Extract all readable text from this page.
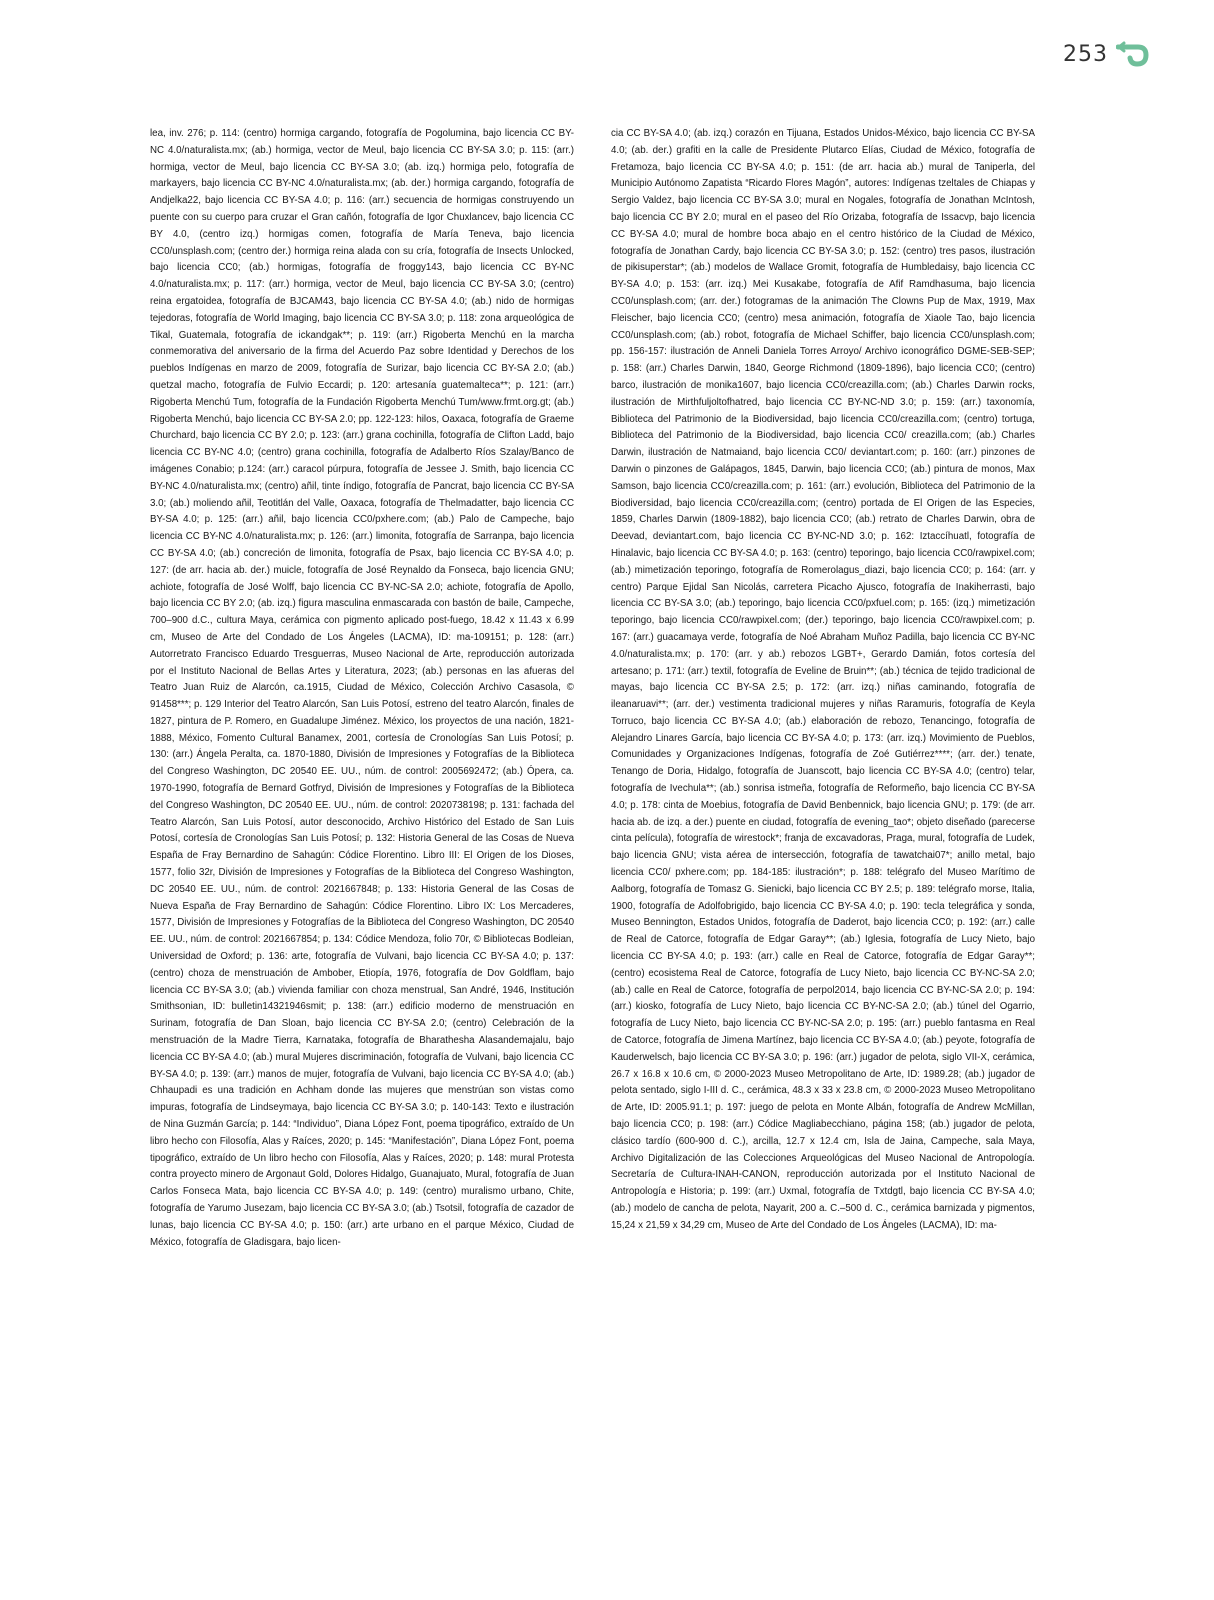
253

lea, inv. 276; p. 114: (centro) hormiga cargando, fotografía de Pogolumina, bajo licencia CC BY-NC 4.0/naturalista.mx; (ab.) hormiga, vector de Meul, bajo licencia CC BY-SA 3.0; p. 115: (arr.) hormiga, vector de Meul, bajo licencia CC BY-SA 3.0; (ab. izq.) hormiga pelo, fotografía de markayers, bajo licencia CC BY-NC 4.0/naturalista.mx; (ab. der.) hormiga cargando, fotografía de Andjelka22, bajo licencia CC BY-SA 4.0; p. 116: (arr.) secuencia de hormigas construyendo un puente con su cuerpo para cruzar el Gran cañón, fotografía de Igor Chuxlancev, bajo licencia CC BY 4.0, (centro izq.) hormigas comen, fotografía de María Teneva, bajo licencia CC0/unsplash.com; (centro der.) hormiga reina alada con su cría, fotografía de Insects Unlocked, bajo licencia CC0; (ab.) hormigas, fotografía de froggy143, bajo licencia CC BY-NC 4.0/naturalista.mx; p. 117: (arr.) hormiga, vector de Meul, bajo licencia CC BY-SA 3.0; (centro) reina ergatoidea, fotografía de BJCAM43, bajo licencia CC BY-SA 4.0; (ab.) nido de hormigas tejedoras, fotografía de World Imaging, bajo licencia CC BY-SA 3.0; p. 118: zona arqueológica de Tikal, Guatemala, fotografía de ickandgak**; p. 119: (arr.) Rigoberta Menchú en la marcha conmemorativa del aniversario de la firma del Acuerdo Paz sobre Identidad y Derechos de los pueblos Indígenas en marzo de 2009, fotografía de Surizar, bajo licencia CC BY-SA 2.0; (ab.) quetzal macho, fotografía de Fulvio Eccardi; p. 120: artesanía guatemalteca**; p. 121: (arr.) Rigoberta Menchú Tum, fotografía de la Fundación Rigoberta Menchú Tum/www.frmt.org.gt; (ab.) Rigoberta Menchú, bajo licencia CC BY-SA 2.0; pp. 122-123: hilos, Oaxaca, fotografía de Graeme Churchard, bajo licencia CC BY 2.0; p. 123: (arr.) grana cochinilla, fotografía de Clifton Ladd, bajo licencia CC BY-NC 4.0; (centro) grana cochinilla, fotografía de Adalberto Ríos Szalay/Banco de imágenes Conabio; p.124: (arr.) caracol púrpura, fotografía de Jessee J. Smith, bajo licencia CC BY-NC 4.0/naturalista.mx; (centro) añil, tinte índigo, fotografía de Pancrat, bajo licencia CC BY-SA 3.0; (ab.) moliendo añil, Teotitlán del Valle, Oaxaca, fotografía de Thelmadatter, bajo licencia CC BY-SA 4.0; p. 125: (arr.) añil, bajo licencia CC0/pxhere.com; (ab.) Palo de Campeche, bajo licencia CC BY-NC 4.0/naturalista.mx; p. 126: (arr.) limonita, fotografía de Sarranpa, bajo licencia CC BY-SA 4.0; (ab.) concreción de limonita, fotografía de Psax, bajo licencia CC BY-SA 4.0; p. 127: (de arr. hacia ab. der.) muicle, fotografía de José Reynaldo da Fonseca, bajo licencia GNU; achiote, fotografía de José Wolff, bajo licencia CC BY-NC-SA 2.0; achiote, fotografía de Apollo, bajo licencia CC BY 2.0; (ab. izq.) figura masculina enmascarada con bastón de baile, Campeche, 700–900 d.C., cultura Maya, cerámica con pigmento aplicado post-fuego, 18.42 x 11.43 x 6.99 cm, Museo de Arte del Condado de Los Ángeles (LACMA), ID: ma-109151; p. 128: (arr.) Autorretrato Francisco Eduardo Tresguerras, Museo Nacional de Arte, reproducción autorizada por el Instituto Nacional de Bellas Artes y Literatura, 2023; (ab.) personas en las afueras del Teatro Juan Ruiz de Alarcón, ca.1915, Ciudad de México, Colección Archivo Casasola, © 91458***; p. 129 Interior del Teatro Alarcón, San Luis Potosí, estreno del teatro Alarcón, finales de 1827, pintura de P. Romero, en Guadalupe Jiménez. México, los proyectos de una nación, 1821-1888, México, Fomento Cultural Banamex, 2001, cortesía de Cronologías San Luis Potosí; p. 130: (arr.) Ángela Peralta, ca. 1870-1880, División de Impresiones y Fotografías de la Biblioteca del Congreso Washington, DC 20540 EE. UU., núm. de control: 2005692472; (ab.) Ópera, ca. 1970-1990, fotografía de Bernard Gotfryd, División de Impresiones y Fotografías de la Biblioteca del Congreso Washington, DC 20540 EE. UU., núm. de control: 2020738198; p. 131: fachada del Teatro Alarcón, San Luis Potosí, autor desconocido, Archivo Histórico del Estado de San Luis Potosí, cortesía de Cronologías San Luis Potosí; p. 132: Historia General de las Cosas de Nueva España de Fray Bernardino de Sahagún: Códice Florentino. Libro III: El Origen de los Dioses, 1577, folio 32r, División de Impresiones y Fotografías de la Biblioteca del Congreso Washington, DC 20540 EE. UU., núm. de control: 2021667848; p. 133: Historia General de las Cosas de Nueva España de Fray Bernardino de Sahagún: Códice Florentino. Libro IX: Los Mercaderes, 1577, División de Impresiones y Fotografías de la Biblioteca del Congreso Washington, DC 20540 EE. UU., núm. de control: 2021667854; p. 134: Códice Mendoza, folio 70r, © Bibliotecas Bodleian, Universidad de Oxford; p. 136: arte, fotografía de Vulvani, bajo licencia CC BY-SA 4.0; p. 137: (centro) choza de menstruación de Ambober, Etiopía, 1976, fotografía de Dov Goldflam, bajo licencia CC BY-SA 3.0; (ab.) vivienda familiar con choza menstrual, San André, 1946, Institución Smithsonian, ID: bulletin14321946smit; p. 138: (arr.) edificio moderno de menstruación en Surinam, fotografía de Dan Sloan, bajo licencia CC BY-SA 2.0; (centro) Celebración de la menstruación de la Madre Tierra, Karnataka, fotografía de Bharathesha Alasandemajalu, bajo licencia CC BY-SA 4.0; (ab.) mural Mujeres discriminación, fotografía de Vulvani, bajo licencia CC BY-SA 4.0; p. 139: (arr.) manos de mujer, fotografía de Vulvani, bajo licencia CC BY-SA 4.0; (ab.) Chhaupadi es una tradición en Achham donde las mujeres que menstrúan son vistas como impuras, fotografía de Lindseymaya, bajo licencia CC BY-SA 3.0; p. 140-143: Texto e ilustración de Nina Guzmán García; p. 144: “Individuo”, Diana López Font, poema tipográfico, extraído de Un libro hecho con Filosofía, Alas y Raíces, 2020; p. 145: “Manifestación”, Diana López Font, poema tipográfico, extraído de Un libro hecho con Filosofía, Alas y Raíces, 2020; p. 148: mural Protesta contra proyecto minero de Argonaut Gold, Dolores Hidalgo, Guanajuato, Mural, fotografía de Juan Carlos Fonseca Mata, bajo licencia CC BY-SA 4.0; p. 149: (centro) muralismo urbano, Chite, fotografía de Yarumo Jusezam, bajo licencia CC BY-SA 3.0; (ab.) Tsotsil, fotografía de cazador de lunas, bajo licencia CC BY-SA 4.0; p. 150: (arr.) arte urbano en el parque México, Ciudad de México, fotografía de Gladisgara, bajo licen-

cia CC BY-SA 4.0; (ab. izq.) corazón en Tijuana, Estados Unidos-México, bajo licencia CC BY-SA 4.0; (ab. der.) grafiti en la calle de Presidente Plutarco Elías, Ciudad de México, fotografía de Fretamoza, bajo licencia CC BY-SA 4.0; p. 151: (de arr. hacia ab.) mural de Taniperla, del Municipio Autónomo Zapatista “Ricardo Flores Magón”, autores: Indígenas tzeltales de Chiapas y Sergio Valdez, bajo licencia CC BY-SA 3.0; mural en Nogales, fotografía de Jonathan McIntosh, bajo licencia CC BY 2.0; mural en el paseo del Río Orizaba, fotografía de Issacvp, bajo licencia CC BY-SA 4.0; mural de hombre boca abajo en el centro histórico de la Ciudad de México, fotografía de Jonathan Cardy, bajo licencia CC BY-SA 3.0; p. 152: (centro) tres pasos, ilustración de pikisuperstar*; (ab.) modelos de Wallace Gromit, fotografía de Humbledaisy, bajo licencia CC BY-SA 4.0; p. 153: (arr. izq.) Mei Kusakabe, fotografía de Afif Ramdhasuma, bajo licencia CC0/unsplash.com; (arr. der.) fotogramas de la animación The Clowns Pup de Max, 1919, Max Fleischer, bajo licencia CC0; (centro) mesa animación, fotografía de Xiaole Tao, bajo licencia CC0/unsplash.com; (ab.) robot, fotografía de Michael Schiffer, bajo licencia CC0/unsplash.com; pp. 156-157: ilustración de Anneli Daniela Torres Arroyo/ Archivo iconográfico DGME-SEB-SEP; p. 158: (arr.) Charles Darwin, 1840, George Richmond (1809-1896), bajo licencia CC0; (centro) barco, ilustración de monika1607, bajo licencia CC0/creazilla.com; (ab.) Charles Darwin rocks, ilustración de Mirthfuljoltofhatred, bajo licencia CC BY-NC-ND 3.0; p. 159: (arr.) taxonomía, Biblioteca del Patrimonio de la Biodiversidad, bajo licencia CC0/creazilla.com; (centro) tortuga, Biblioteca del Patrimonio de la Biodiversidad, bajo licencia CC0/ creazilla.com; (ab.) Charles Darwin, ilustración de Natmaiand, bajo licencia CC0/ deviantart.com; p. 160: (arr.) pinzones de Darwin o pinzones de Galápagos, 1845, Darwin, bajo licencia CC0; (ab.) pintura de monos, Max Samson, bajo licencia CC0/creazilla.com; p. 161: (arr.) evolución, Biblioteca del Patrimonio de la Biodiversidad, bajo licencia CC0/creazilla.com; (centro) portada de El Origen de las Especies, 1859, Charles Darwin (1809-1882), bajo licencia CC0; (ab.) retrato de Charles Darwin, obra de Deevad, deviantart.com, bajo licencia CC BY-NC-ND 3.0; p. 162: Iztaccíhuatl, fotografía de Hinalavic, bajo licencia CC BY-SA 4.0; p. 163: (centro) teporingo, bajo licencia CC0/rawpixel.com; (ab.) mimetización teporingo, fotografía de Romerolagus_diazi, bajo licencia CC0; p. 164: (arr. y centro) Parque Ejidal San Nicolás, carretera Picacho Ajusco, fotografía de Inakiherrasti, bajo licencia CC BY-SA 3.0; (ab.) teporingo, bajo licencia CC0/pxfuel.com; p. 165: (izq.) mimetización teporingo, bajo licencia CC0/rawpixel.com; (der.) teporingo, bajo licencia CC0/rawpixel.com; p. 167: (arr.) guacamaya verde, fotografía de Noé Abraham Muñoz Padilla, bajo licencia CC BY-NC 4.0/naturalista.mx; p. 170: (arr. y ab.) rebozos LGBT+, Gerardo Damián, fotos cortesía del artesano; p. 171: (arr.) textil, fotografía de Eveline de Bruin**; (ab.) técnica de tejido tradicional de mayas, bajo licencia CC BY-SA 2.5; p. 172: (arr. izq.) niñas caminando, fotografía de ileanaruavi**; (arr. der.) vestimenta tradicional mujeres y niñas Raramuris, fotografía de Keyla Torruco, bajo licencia CC BY-SA 4.0; (ab.) elaboración de rebozo, Tenancingo, fotografía de Alejandro Linares García, bajo licencia CC BY-SA 4.0; p. 173: (arr. izq.) Movimiento de Pueblos, Comunidades y Organizaciones Indígenas, fotografía de Zoé Gutiérrez****; (arr. der.) tenate, Tenango de Doria, Hidalgo, fotografía de Juanscott, bajo licencia CC BY-SA 4.0; (centro) telar, fotografía de Ivechula**; (ab.) sonrisa istmeña, fotografía de Reformeño, bajo licencia CC BY-SA 4.0; p. 178: cinta de Moebius, fotografía de David Benbennick, bajo licencia GNU; p. 179: (de arr. hacia ab. de izq. a der.) puente en ciudad, fotografía de evening_tao*; objeto diseñado (parecerse cinta película), fotografía de wirestock*; franja de excavadoras, Praga, mural, fotografía de Ludek, bajo licencia GNU; vista aérea de intersección, fotografía de tawatchai07*; anillo metal, bajo licencia CC0/ pxhere.com; pp. 184-185: ilustración*; p. 188: telégrafo del Museo Marítimo de Aalborg, fotografía de Tomasz G. Sienicki, bajo licencia CC BY 2.5; p. 189: telégrafo morse, Italia, 1900, fotografía de Adolfobrigido, bajo licencia CC BY-SA 4.0; p. 190: tecla telegráfica y sonda, Museo Bennington, Estados Unidos, fotografía de Daderot, bajo licencia CC0; p. 192: (arr.) calle de Real de Catorce, fotografía de Edgar Garay**; (ab.) Iglesia, fotografía de Lucy Nieto, bajo licencia CC BY-SA 4.0; p. 193: (arr.) calle en Real de Catorce, fotografía de Edgar Garay**; (centro) ecosistema Real de Catorce, fotografía de Lucy Nieto, bajo licencia CC BY-NC-SA 2.0; (ab.) calle en Real de Catorce, fotografía de perpol2014, bajo licencia CC BY-NC-SA 2.0; p. 194: (arr.) kiosko, fotografía de Lucy Nieto, bajo licencia CC BY-NC-SA 2.0; (ab.) túnel del Ogarrio, fotografía de Lucy Nieto, bajo licencia CC BY-NC-SA 2.0; p. 195: (arr.) pueblo fantasma en Real de Catorce, fotografía de Jimena Martínez, bajo licencia CC BY-SA 4.0; (ab.) peyote, fotografía de Kauderwelsch, bajo licencia CC BY-SA 3.0; p. 196: (arr.) jugador de pelota, siglo VII-X, cerámica, 26.7 x 16.8 x 10.6 cm, © 2000-2023 Museo Metropolitano de Arte, ID: 1989.28; (ab.) jugador de pelota sentado, siglo I-III d. C., cerámica, 48.3 x 33 x 23.8 cm, © 2000-2023 Museo Metropolitano de Arte, ID: 2005.91.1; p. 197: juego de pelota en Monte Albán, fotografía de Andrew McMillan, bajo licencia CC0; p. 198: (arr.) Códice Magliabecchiano, página 158; (ab.) jugador de pelota, clásico tardío (600-900 d. C.), arcilla, 12.7 x 12.4 cm, Isla de Jaina, Campeche, sala Maya, Archivo Digitalización de las Colecciones Arqueológicas del Museo Nacional de Antropología. Secretaría de Cultura-INAH-CANON, reproducción autorizada por el Instituto Nacional de Antropología e Historia; p. 199: (arr.) Uxmal, fotografía de Txtdgtl, bajo licencia CC BY-SA 4.0; (ab.) modelo de cancha de pelota, Nayarit, 200 a. C.–500 d. C., cerámica barnizada y pigmentos, 15,24 x 21,59 x 34,29 cm, Museo de Arte del Condado de Los Ángeles (LACMA), ID: ma-
